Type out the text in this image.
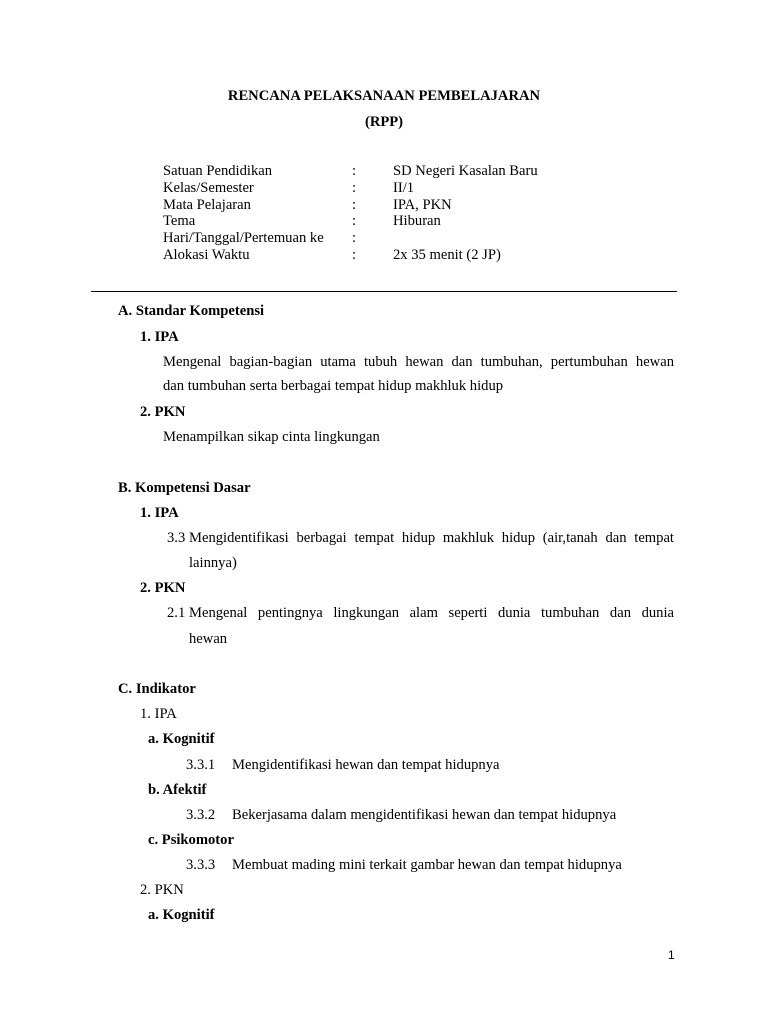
RENCANA PELAKSANAAN PEMBELAJARAN
(RPP)
Satuan Pendidikan	:	SD Negeri Kasalan Baru
Kelas/Semester	:	II/1
Mata Pelajaran	:	IPA, PKN
Tema	:	Hiburan
Hari/Tanggal/Pertemuan ke :
Alokasi Waktu	:	2x 35 menit (2 JP)
A. Standar Kompetensi
1. IPA
Mengenal bagian-bagian utama tubuh hewan dan tumbuhan, pertumbuhan hewan
dan tumbuhan serta berbagai tempat hidup makhluk hidup
2. PKN
Menampilkan sikap cinta lingkungan
B. Kompetensi Dasar
1. IPA
3.3 Mengidentifikasi berbagai tempat hidup makhluk hidup (air,tanah dan tempat
lainnya)
2. PKN
2.1 Mengenal pentingnya lingkungan alam seperti dunia tumbuhan dan dunia
hewan
C. Indikator
1. IPA
a. Kognitif
3.3.1 Mengidentifikasi hewan dan tempat hidupnya
b. Afektif
3.3.2 Bekerjasama dalam mengidentifikasi hewan dan tempat hidupnya
c. Psikomotor
3.3.3 Membuat mading mini terkait gambar hewan dan tempat hidupnya
2. PKN
a. Kognitif
1
